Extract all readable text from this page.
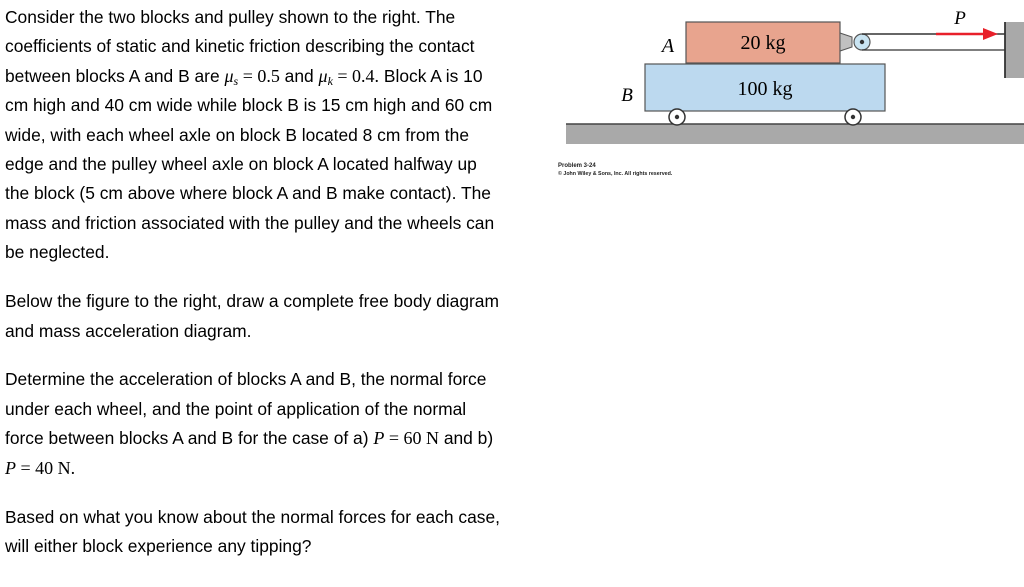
Consider the two blocks and pulley shown to the right. The coefficients of static and kinetic friction describing the contact between blocks A and B are $\mu_s = 0.5$ and $\mu_k = 0.4$. Block A is 10 cm high and 40 cm wide while block B is 15 cm high and 60 cm wide, with each wheel axle on block B located 8 cm from the edge and the pulley wheel axle on block A located halfway up the block (5 cm above where block A and B make contact). The mass and friction associated with the pulley and the wheels can be neglected.

Below the figure to the right, draw a complete free body diagram and mass acceleration diagram.

Determine the acceleration of blocks A and B, the normal force under each wheel, and the point of application of the normal force between blocks A and B for the case of a) P = 60 N and b) P = 40 N.

Based on what you know about the normal forces for each case, will either block experience any tipping?

A
B
P
20 kg
100 kg
Problem 3-24
© John Wiley & Sons, Inc. All rights reserved.
